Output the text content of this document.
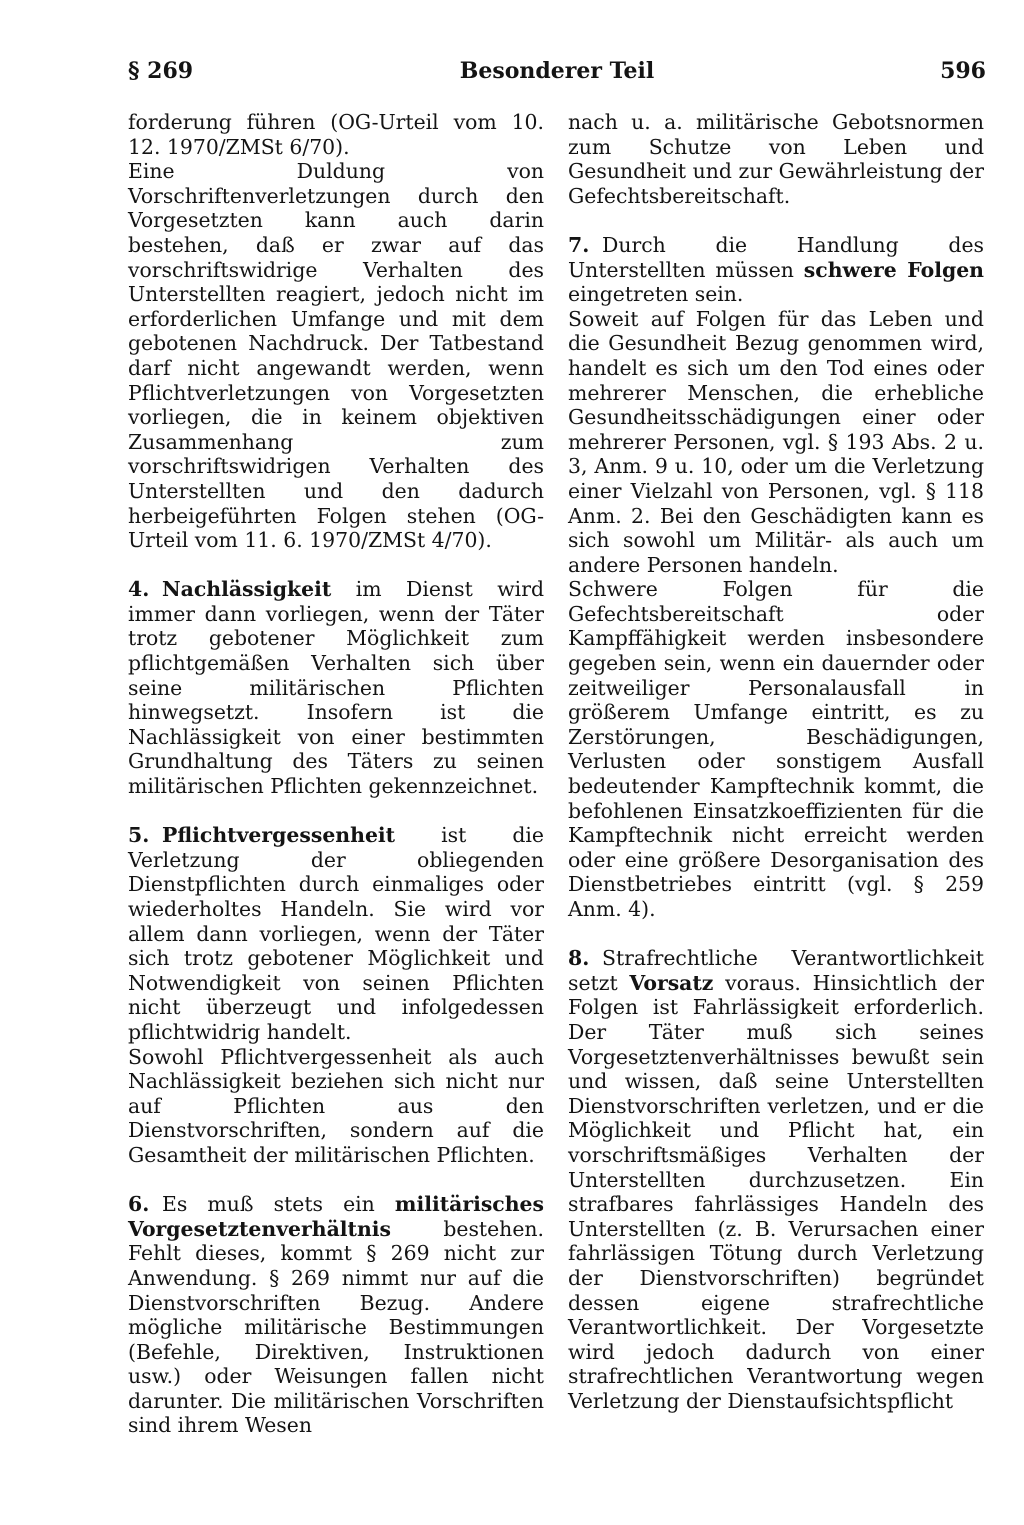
§ 269	Besonderer Teil	596

forderung führen (OG-Urteil vom 10. 12. 1970/ZMSt 6/70).

Eine Duldung von Vorschriftenverletzungen durch den Vorgesetzten kann auch darin bestehen, daß er zwar auf das vorschriftswidrige Verhalten des Unterstellten reagiert, jedoch nicht im erforderlichen Umfange und mit dem gebotenen Nachdruck. Der Tatbestand darf nicht angewandt werden, wenn Pflichtverletzungen von Vorgesetzten vorliegen, die in keinem objektiven Zusammenhang zum vorschriftswidrigen Verhalten des Unterstellten und den dadurch herbeigeführten Folgen stehen (OG-Urteil vom 11. 6. 1970/ZMSt 4/70).

4. Nachlässigkeit im Dienst wird immer dann vorliegen, wenn der Täter trotz gebotener Möglichkeit zum pflichtgemäßen Verhalten sich über seine militärischen Pflichten hinwegsetzt. Insofern ist die Nachlässigkeit von einer bestimmten Grundhaltung des Täters zu seinen militärischen Pflichten gekennzeichnet.

5. Pflichtvergessenheit ist die Verletzung der obliegenden Dienstpflichten durch einmaliges oder wiederholtes Handeln. Sie wird vor allem dann vorliegen, wenn der Täter sich trotz gebotener Möglichkeit und Notwendigkeit von seinen Pflichten nicht überzeugt und infolgedessen pflichtwidrig handelt.

Sowohl Pflichtvergessenheit als auch Nachlässigkeit beziehen sich nicht nur auf Pflichten aus den Dienstvorschriften, sondern auf die Gesamtheit der militärischen Pflichten.

6. Es muß stets ein militärisches Vorgesetztenverhältnis bestehen. Fehlt dieses, kommt § 269 nicht zur Anwendung. § 269 nimmt nur auf die Dienstvorschriften Bezug. Andere mögliche militärische Bestimmungen (Befehle, Direktiven, Instruktionen usw.) oder Weisungen fallen nicht darunter. Die militärischen Vorschriften sind ihrem Wesen

nach u. a. militärische Gebotsnormen zum Schutze von Leben und Gesundheit und zur Gewährleistung der Gefechtsbereitschaft.

7. Durch die Handlung des Unterstellten müssen schwere Folgen eingetreten sein.

Soweit auf Folgen für das Leben und die Gesundheit Bezug genommen wird, handelt es sich um den Tod eines oder mehrerer Menschen, die erhebliche Gesundheitsschädigungen einer oder mehrerer Personen, vgl. § 193 Abs. 2 u. 3, Anm. 9 u. 10, oder um die Verletzung einer Vielzahl von Personen, vgl. § 118 Anm. 2. Bei den Geschädigten kann es sich sowohl um Militär- als auch um andere Personen handeln.

Schwere Folgen für die Gefechtsbereitschaft oder Kampffähigkeit werden insbesondere gegeben sein, wenn ein dauernder oder zeitweiliger Personalausfall in größerem Umfange eintritt, es zu Zerstörungen, Beschädigungen, Verlusten oder sonstigem Ausfall bedeutender Kampftechnik kommt, die befohlenen Einsatzkoeffizienten für die Kampftechnik nicht erreicht werden oder eine größere Desorganisation des Dienstbetriebes eintritt (vgl. § 259 Anm. 4).

8. Strafrechtliche Verantwortlichkeit setzt Vorsatz voraus. Hinsichtlich der Folgen ist Fahrlässigkeit erforderlich. Der Täter muß sich seines Vorgesetztenverhältnisses bewußt sein und wissen, daß seine Unterstellten Dienstvorschriften verletzen, und er die Möglichkeit und Pflicht hat, ein vorschriftsmäßiges Verhalten der Unterstellten durchzusetzen. Ein strafbares fahrlässiges Handeln des Unterstellten (z. B. Verursachen einer fahrlässigen Tötung durch Verletzung der Dienstvorschriften) begründet dessen eigene strafrechtliche Verantwortlichkeit. Der Vorgesetzte wird jedoch dadurch von einer strafrechtlichen Verantwortung wegen Verletzung der Dienstaufsichtspflicht
